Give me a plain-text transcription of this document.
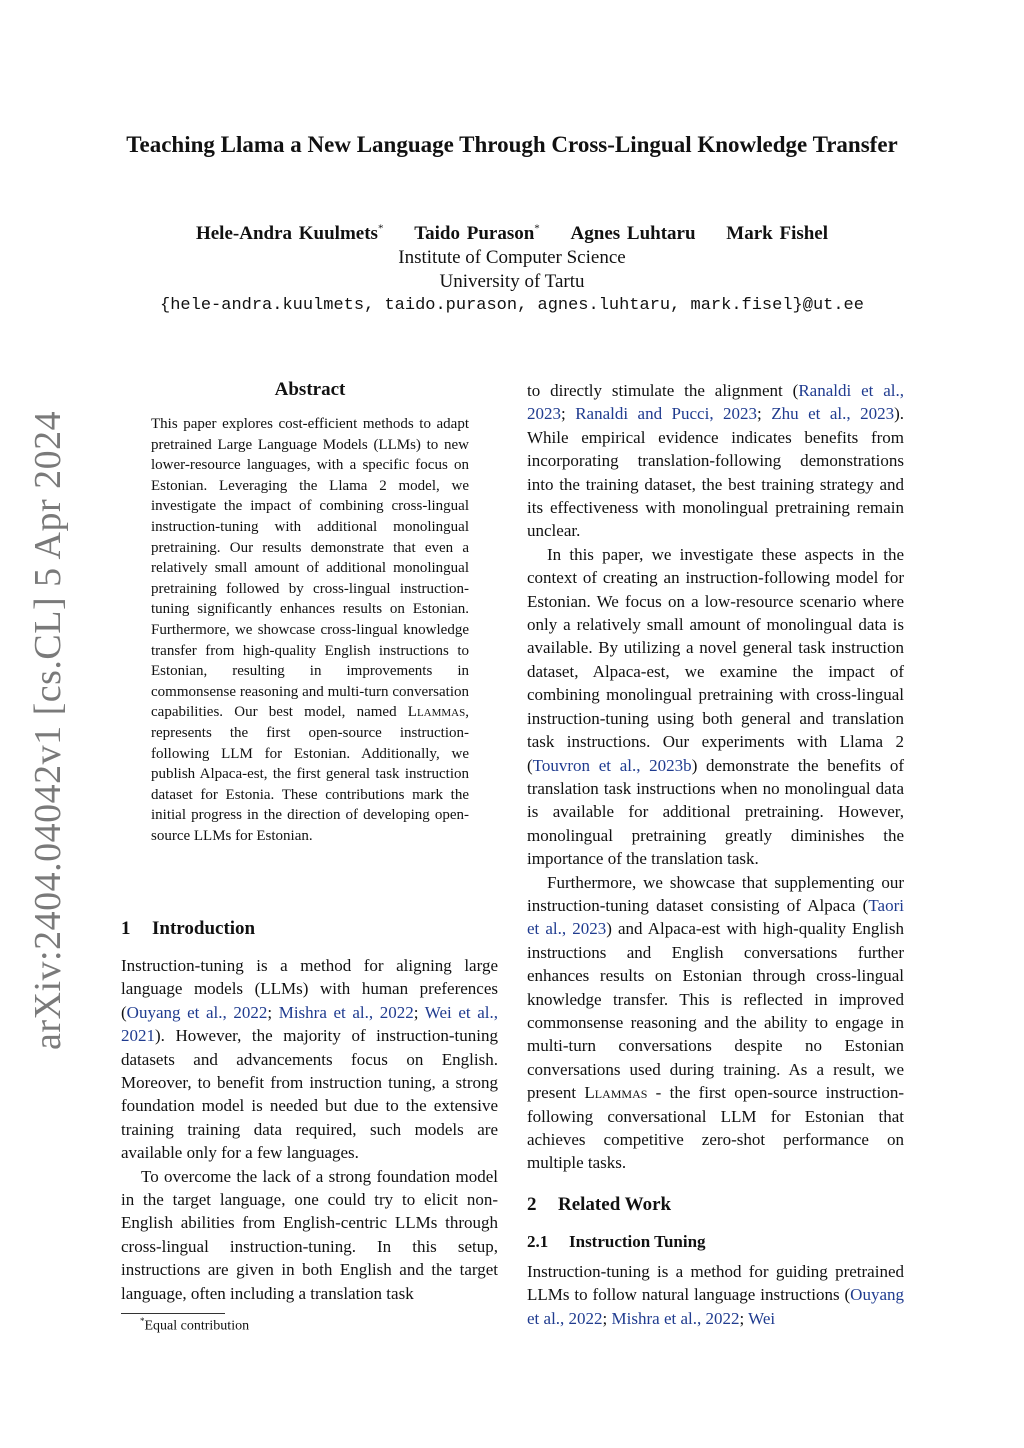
arXiv:2404.04042v1 [cs.CL] 5 Apr 2024
Teaching Llama a New Language Through Cross-Lingual Knowledge Transfer
Hele-Andra Kuulmets* Taido Purason* Agnes Luhtaru Mark Fishel
Institute of Computer Science
University of Tartu
{hele-andra.kuulmets, taido.purason, agnes.luhtaru, mark.fisel}@ut.ee
Abstract
This paper explores cost-efficient methods to adapt pretrained Large Language Models (LLMs) to new lower-resource languages, with a specific focus on Estonian. Leveraging the Llama 2 model, we investigate the impact of combining cross-lingual instruction-tuning with additional monolingual pretraining. Our results demonstrate that even a relatively small amount of additional monolingual pretraining followed by cross-lingual instruction-tuning significantly enhances results on Estonian. Furthermore, we showcase cross-lingual knowledge transfer from high-quality English instructions to Estonian, resulting in improvements in commonsense reasoning and multi-turn conversation capabilities. Our best model, named Llammas, represents the first open-source instruction-following LLM for Estonian. Additionally, we publish Alpaca-est, the first general task instruction dataset for Estonia. These contributions mark the initial progress in the direction of developing open-source LLMs for Estonian.
1 Introduction

Instruction-tuning is a method for aligning large language models (LLMs) with human preferences (Ouyang et al., 2022; Mishra et al., 2022; Wei et al., 2021). However, the majority of instruction-tuning datasets and advancements focus on English. Moreover, to benefit from instruction tuning, a strong foundation model is needed but due to the extensive training training data required, such models are available only for a few languages.

To overcome the lack of a strong foundation model in the target language, one could try to elicit non-English abilities from English-centric LLMs through cross-lingual instruction-tuning. In this setup, instructions are given in both English and the target language, often including a translation task

to directly stimulate the alignment (Ranaldi et al., 2023; Ranaldi and Pucci, 2023; Zhu et al., 2023). While empirical evidence indicates benefits from incorporating translation-following demonstrations into the training dataset, the best training strategy and its effectiveness with monolingual pretraining remain unclear.

In this paper, we investigate these aspects in the context of creating an instruction-following model for Estonian. We focus on a low-resource scenario where only a relatively small amount of monolingual data is available. By utilizing a novel general task instruction dataset, Alpaca-est, we examine the impact of combining monolingual pretraining with cross-lingual instruction-tuning using both general and translation task instructions. Our experiments with Llama 2 (Touvron et al., 2023b) demonstrate the benefits of translation task instructions when no monolingual data is available for additional pretraining. However, monolingual pretraining greatly diminishes the importance of the translation task.

Furthermore, we showcase that supplementing our instruction-tuning dataset consisting of Alpaca (Taori et al., 2023) and Alpaca-est with high-quality English instructions and English conversations further enhances results on Estonian through cross-lingual knowledge transfer. This is reflected in improved commonsense reasoning and the ability to engage in multi-turn conversations despite no Estonian conversations used during training. As a result, we present Llammas - the first open-source instruction-following conversational LLM for Estonian that achieves competitive zero-shot performance on multiple tasks.

2 Related Work
2.1 Instruction Tuning

Instruction-tuning is a method for guiding pretrained LLMs to follow natural language instructions (Ouyang et al., 2022; Mishra et al., 2022; Wei

*Equal contribution
